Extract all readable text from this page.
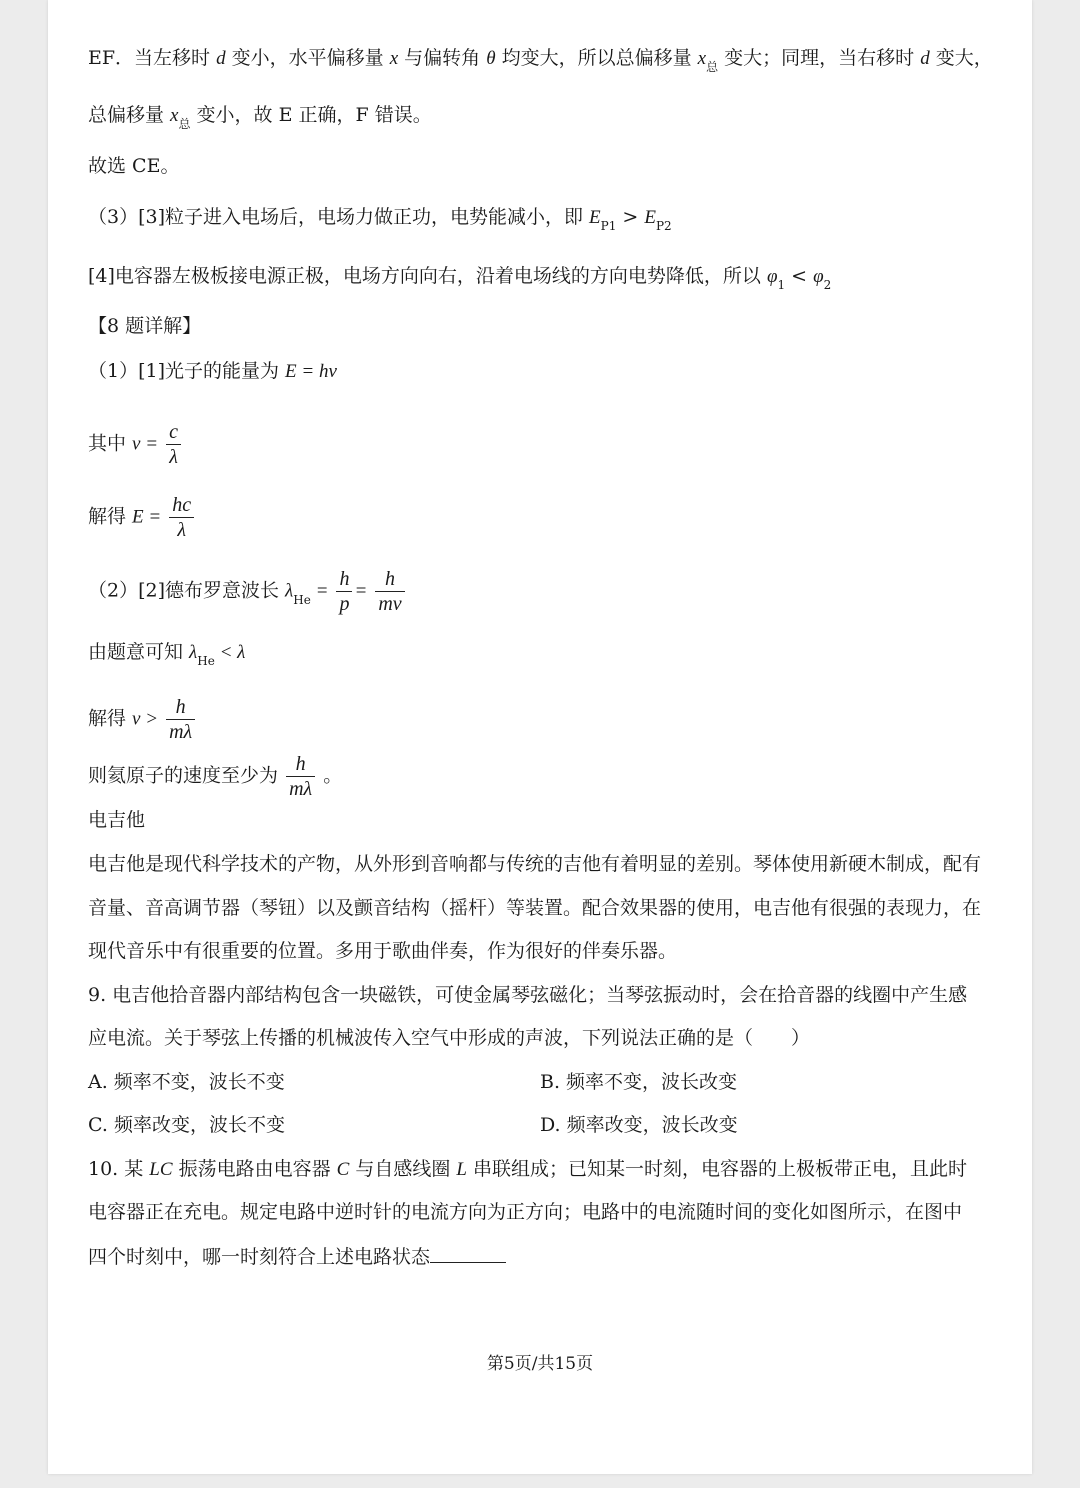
EF．当左移时 d 变小，水平偏移量 x 与偏转角 θ 均变大，所以总偏移量 $x_总$ 变大；同理，当右移时 d 变大，
总偏移量 $x_总$ 变小，故 E 正确，F 错误。
故选 CE。
（3）[3]粒子进入电场后，电场力做正功，电势能减小，即 $E_{P1} > E_{P2}$
[4]电容器左极板接电源正极，电场方向向右，沿着电场线的方向电势降低，所以 $\varphi_1 < \varphi_2$
【8 题详解】
（1）[1]光子的能量为 E = hν
其中 $\nu = \frac{c}{\lambda}$
解得 $E = \frac{hc}{\lambda}$
（2）[2]德布罗意波长 $\lambda_{He} = \frac{h}{p} = \frac{h}{mv}$
由题意可知 $\lambda_{He} < \lambda$
解得 $v > \frac{h}{m\lambda}$
则氦原子的速度至少为 $\frac{h}{m\lambda}$ 。
电吉他
电吉他是现代科学技术的产物，从外形到音响都与传统的吉他有着明显的差别。琴体使用新硬木制成，配有
音量、音高调节器（琴钮）以及颤音结构（摇杆）等装置。配合效果器的使用，电吉他有很强的表现力，在
现代音乐中有很重要的位置。多用于歌曲伴奏，作为很好的伴奏乐器。
9. 电吉他拾音器内部结构包含一块磁铁，可使金属琴弦磁化；当琴弦振动时，会在拾音器的线圈中产生感
应电流。关于琴弦上传播的机械波传入空气中形成的声波，下列说法正确的是（　　）
A. 频率不变，波长不变	B. 频率不变，波长改变
C. 频率改变，波长不变	D. 频率改变，波长改变
10. 某 LC 振荡电路由电容器 C 与自感线圈 L 串联组成；已知某一时刻，电容器的上极板带正电，且此时
电容器正在充电。规定电路中逆时针的电流方向为正方向；电路中的电流随时间的变化如图所示，在图中
四个时刻中，哪一时刻符合上述电路状态
第5页/共15页
